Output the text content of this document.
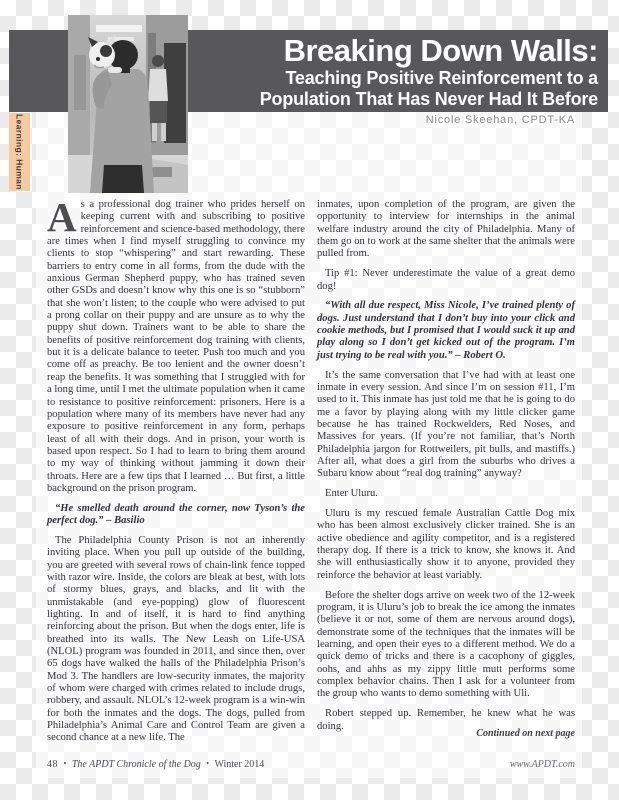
Breaking Down Walls:
Teaching Positive Reinforcement to a
Population That Has Never Had It Before
Nicole Skeehan, CPDT-KA
Learning: Human

As a professional dog trainer who prides herself on keeping current with and subscribing to positive reinforcement and science-based methodology, there are times when I find myself struggling to convince my clients to stop “whispering” and start rewarding. These barriers to entry come in all forms, from the dude with the anxious German Shepherd puppy, who has trained seven other GSDs and doesn’t know why this one is so “stubborn” that she won’t listen; to the couple who were advised to put a prong collar on their puppy and are unsure as to why the puppy shut down. Trainers want to be able to share the benefits of positive reinforcement dog training with clients, but it is a delicate balance to teeter. Push too much and you come off as preachy. Be too lenient and the owner doesn’t reap the benefits. It was something that I struggled with for a long time, until I met the ultimate population when it came to resistance to positive reinforcement: prisoners. Here is a population where many of its members have never had any exposure to positive reinforcement in any form, perhaps least of all with their dogs. And in prison, your worth is based upon respect. So I had to learn to bring them around to my way of thinking without jamming it down their throats. Here are a few tips that I learned … But first, a little background on the prison program.

“He smelled death around the corner, now Tyson’s the perfect dog.” – Basilio

The Philadelphia County Prison is not an inherently inviting place. When you pull up outside of the building, you are greeted with several rows of chain-link fence topped with razor wire. Inside, the colors are bleak at best, with lots of stormy blues, grays, and blacks, and lit with the unmistakable (and eye-popping) glow of fluorescent lighting. In and of itself, it is hard to find anything reinforcing about the prison. But when the dogs enter, life is breathed into its walls. The New Leash on Life-USA (NLOL) program was founded in 2011, and since then, over 65 dogs have walked the halls of the Philadelphia Prison’s Mod 3. The handlers are low-security inmates, the majority of whom were charged with crimes related to include drugs, robbery, and assault. NLOL’s 12-week program is a win-win for both the inmates and the dogs. The dogs, pulled from Philadelphia’s Animal Care and Control Team are given a second chance at a new life. The

inmates, upon completion of the program, are given the opportunity to interview for internships in the animal welfare industry around the city of Philadelphia. Many of them go on to work at the same shelter that the animals were pulled from.

Tip #1: Never underestimate the value of a great demo dog!

“With all due respect, Miss Nicole, I’ve trained plenty of dogs. Just understand that I don’t buy into your click and cookie methods, but I promised that I would suck it up and play along so I don’t get kicked out of the program. I’m just trying to be real with you.” – Robert O.

It’s the same conversation that I’ve had with at least one inmate in every session. And since I’m on session #11, I’m used to it. This inmate has just told me that he is going to do me a favor by playing along with my little clicker game because he has trained Rockwelders, Red Noses, and Massives for years. (If you’re not familiar, that’s North Philadelphia jargon for Rottweilers, pit bulls, and mastiffs.) After all, what does a girl from the suburbs who drives a Subaru know about “real dog training” anyway?

Enter Uluru.

Uluru is my rescued female Australian Cattle Dog mix who has been almost exclusively clicker trained. She is an active obedience and agility competitor, and is a registered therapy dog. If there is a trick to know, she knows it. And she will enthusiastically show it to anyone, provided they reinforce the behavior at least variably.

Before the shelter dogs arrive on week two of the 12-week program, it is Uluru’s job to break the ice among the inmates (believe it or not, some of them are nervous around dogs), demonstrate some of the techniques that the inmates will be learning, and open their eyes to a different method. We do a quick demo of tricks and there is a cacophony of giggles, oohs, and ahhs as my zippy little mutt performs some complex behavior chains. Then I ask for a volunteer from the group who wants to demo something with Uli.

Robert stepped up. Remember, he knew what he was doing.

Continued on next page
48 • The APDT Chronicle of the Dog • Winter 2014	www.APDT.com
